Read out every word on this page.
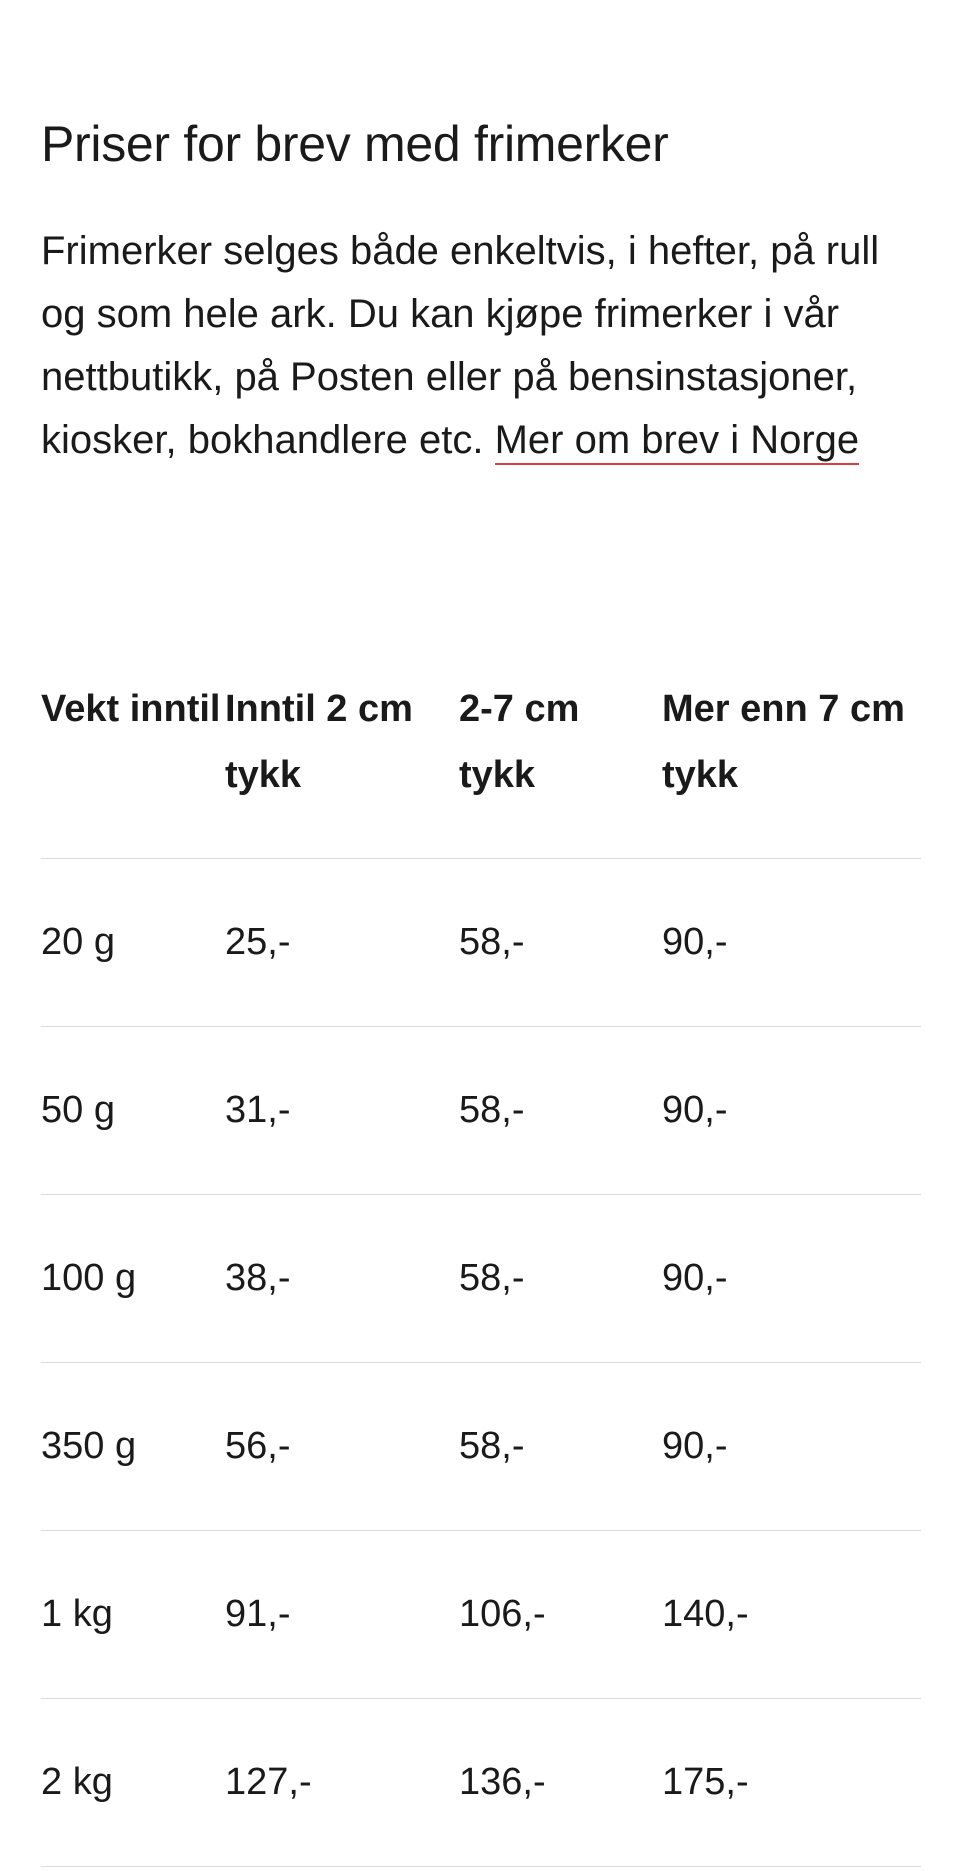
Priser for brev med frimerker

Frimerker selges både enkeltvis, i hefter, på rull og som hele ark. Du kan kjøpe frimerker i vår nettbutikk, på Posten eller på bensinstasjoner, kiosker, bokhandlere etc. Mer om brev i Norge

Vekt inntil	Inntil 2 cm tykk	2-7 cm tykk	Mer enn 7 cm tykk
20 g	25,-	58,-	90,-
50 g	31,-	58,-	90,-
100 g	38,-	58,-	90,-
350 g	56,-	58,-	90,-
1 kg	91,-	106,-	140,-
2 kg	127,-	136,-	175,-
